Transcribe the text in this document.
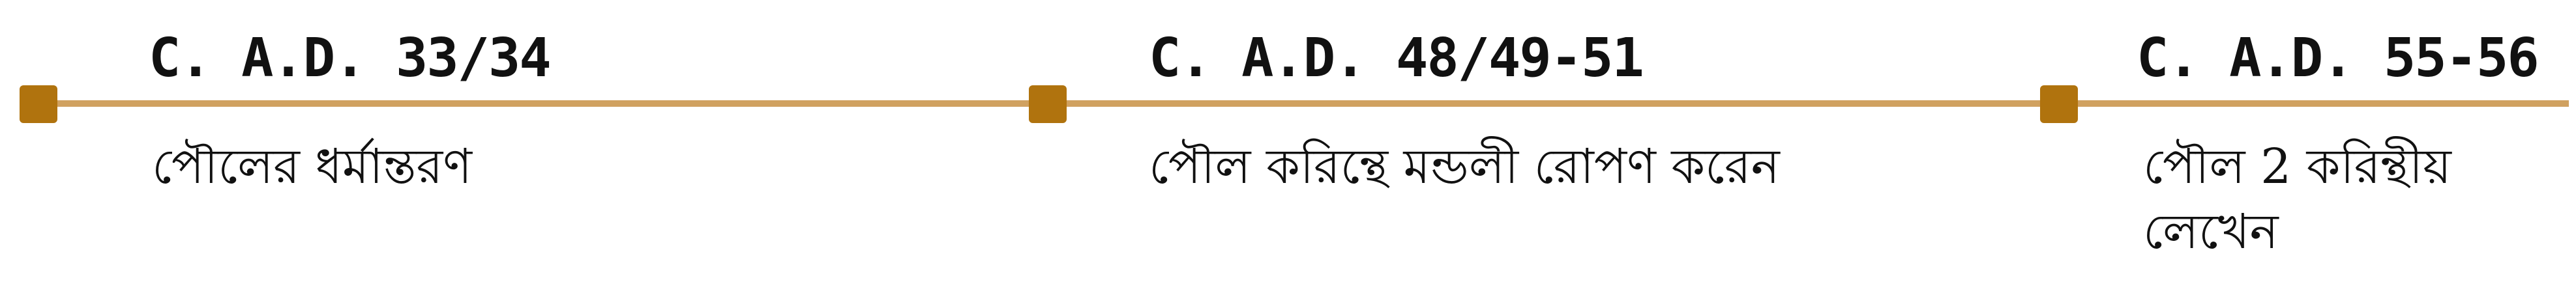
C. A.D. 33/34
পৌলের ধর্মান্তরণ
C. A.D. 48/49-51
পৌল করিন্থে মন্ডলী রোপণ করেন
C. A.D. 55-56
পৌল 2 করিন্থীয় লেখেন
